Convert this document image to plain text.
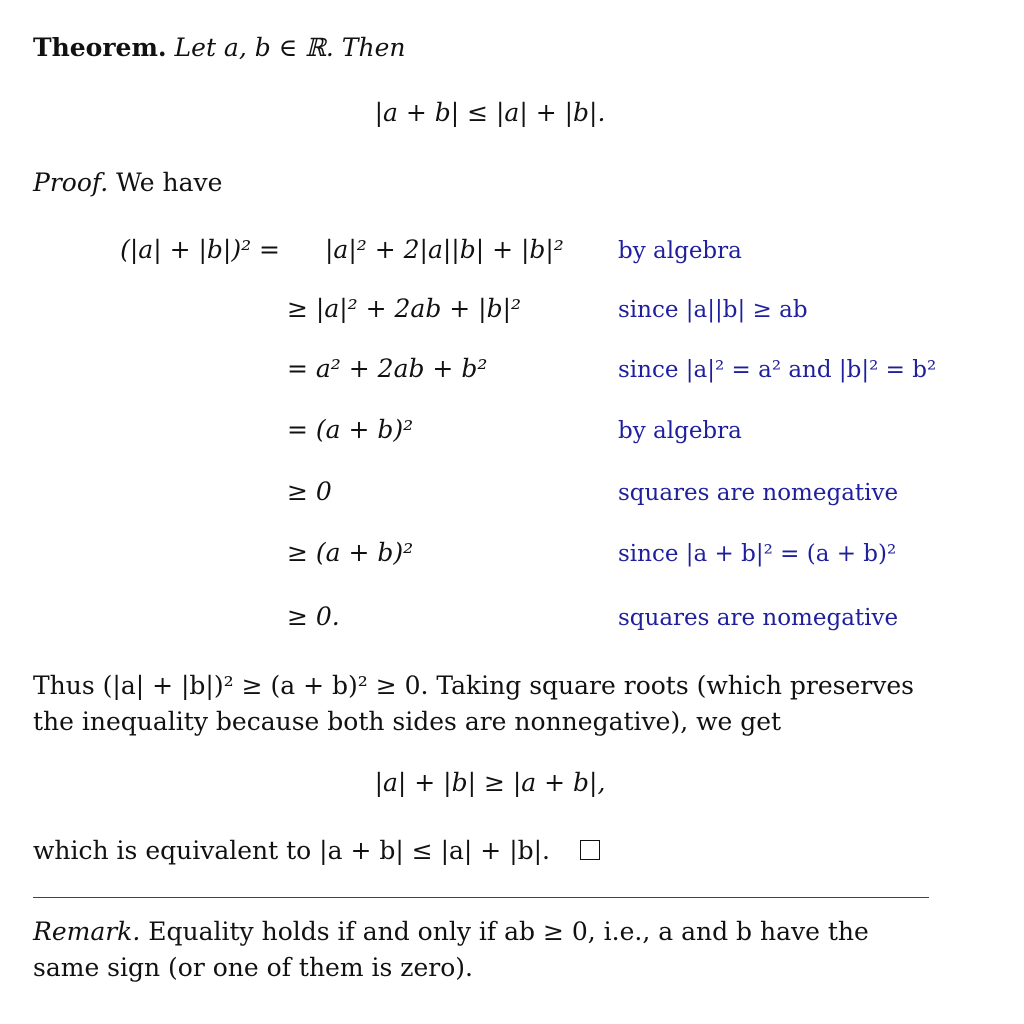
Theorem. Let a, b ∈ ℝ. Then
|a + b| ≤ |a| + |b|.
Proof. We have
(|a| + |b|)² = |a|² + 2|a||b| + |b|² by algebra
≥ |a|² + 2ab + |b|²	since |a||b| ≥ ab
= a² + 2ab + b²	since |a|² = a² and |b|² = b²
= (a + b)²	by algebra
≥ 0	squares are nomegative
≥ (a + b)²	since |a + b|² = (a + b)²
≥ 0.	squares are nomegative
Thus (|a| + |b|)² ≥ (a + b)² ≥ 0. Taking square roots (which preserves the inequality because both sides are nonnegative), we get
|a| + |b| ≥ |a + b|,
which is equivalent to |a + b| ≤ |a| + |b|.
Remark. Equality holds if and only if ab ≥ 0, i.e., a and b have the same sign (or one of them is zero).
